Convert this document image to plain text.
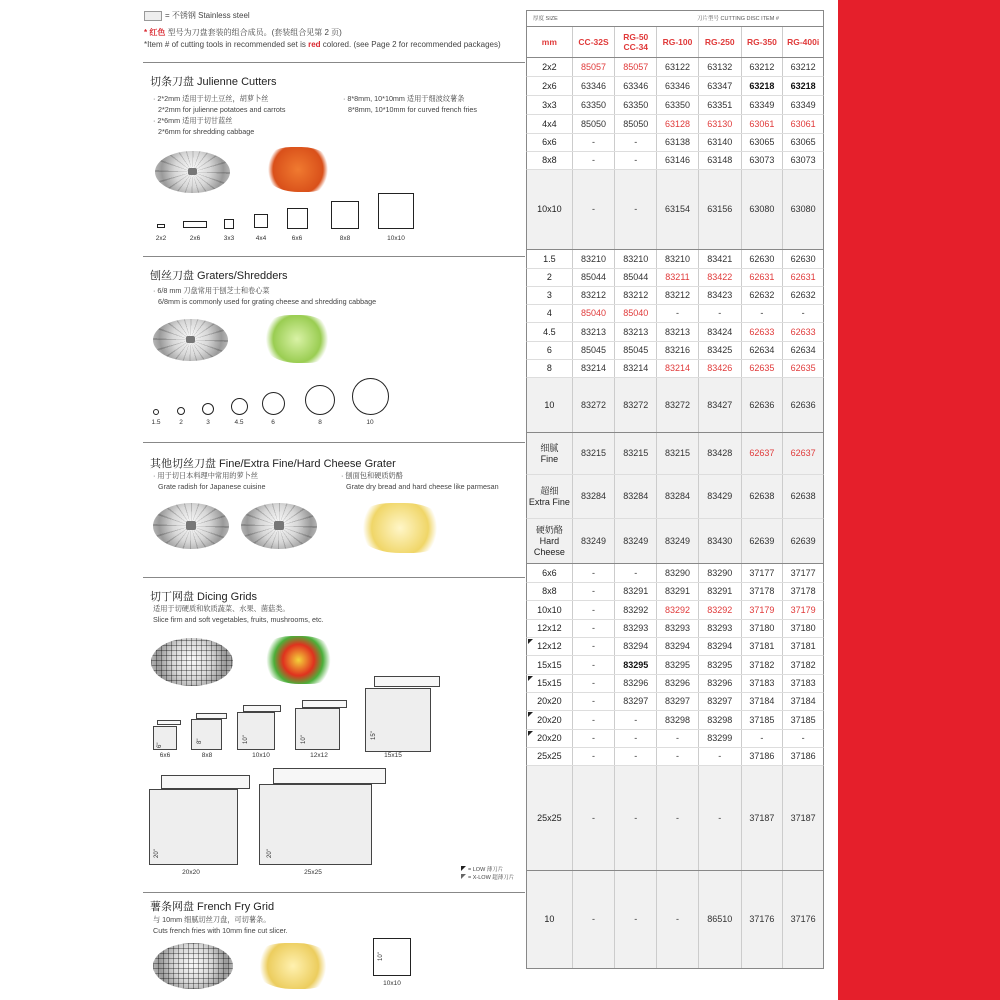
= 不锈钢 Stainless steel
* 红色 型号为刀盘套装的组合成员。(套装组合见第 2 页)
*Item # of cutting tools in recommended set is red colored. (see Page 2 for recommended packages)
切条刀盘 Julienne Cutters
· 2*2mm 适用于切土豆丝，胡萝卜丝
2*2mm for julienne potatoes and carrots
· 2*6mm 适用于切甘蓝丝
2*6mm for shredding cabbage
· 8*8mm, 10*10mm 适用于细波纹薯条
8*8mm, 10*10mm for curved french fries
2x2	2x6	3x3	4x4	6x6	8x8	10x10
刨丝刀盘 Graters/Shredders
· 6/8 mm 刀盘常用于刨芝士和卷心菜
6/8mm is commonly used for grating cheese and shredding cabbage
1.5	2	3	4.5	6	8	10
其他切丝刀盘 Fine/Extra Fine/Hard Cheese Grater
· 用于切日本料理中常用的萝卜丝
Grate radish for Japanese cuisine
· 刨面包和硬质奶酪
Grate dry bread and hard cheese like parmesan
切丁网盘 Dicing Grids
适用于切硬质和软质蔬菜、水果、菌菇类。
Slice firm and soft vegetables, fruits, mushrooms, etc.
6"
8"	10"	10"	15"
20"	20"
6x6	8x8	10x10	12x12	15x15
20x20	25x25	= LOW 薄刀片
= X-LOW 超薄刀片
薯条网盘 French Fry Grid
与 10mm 细腻切丝刀盘，可切薯条。
Cuts french fries with 10mm fine cut slicer.
10"
10x10
厚度 SIZE	刀片型号 CUTTING DISC ITEM #
mm	CC-32S	RG-50
CC-34	RG-100	RG-250	RG-350	RG-400i
2x2	85057	85057	63122	63132	63212	63212
2x6	63346	63346	63346	63347	63218	63218
3x3	63350	63350	63350	63351	63349	63349
4x4	85050	85050	63128	63130	63061	63061
6x6	-	-	63138	63140	63065	63065
8x8	-	-	63146	63148	63073	63073
10x10	-	-	63154	63156	63080	63080
1.5	83210	83210	83210	83421	62630	62630
2	85044	85044	83211	83422	62631	62631
3	83212	83212	83212	83423	62632	62632
4	85040	85040	-	-	-	-
4.5	83213	83213	83213	83424	62633	62633
6	85045	85045	83216	83425	62634	62634
8	83214	83214	83214	83426	62635	62635
10	83272	83272	83272	83427	62636	62636
细腻
Fine
83215	83215	83215	83428	62637	62637
超细
Extra Fine
83284	83284	83284	83429	62638	62638
硬奶酪
Hard
Cheese
83249	83249	83249	83430	62639	62639
6x6	-	-	83290	83290	37177	37177
8x8	-	83291	83291	83291	37178	37178
10x10	-	83292	83292	83292	37179	37179
12x12	-	83293	83293	83293	37180	37180
12x12	-	83294	83294	83294	37181	37181
15x15	-	83295	83295	83295	37182	37182
15x15	-	83296	83296	83296	37183	37183
20x20	-	83297	83297	83297	37184	37184
20x20	-	-	83298	83298	37185	37185
20x20	-	-	-	83299	-	-
25x25	-	-	-	-	37186	37186
25x25	-	-	-	-	37187	37187
10	-	-	-	86510	37176	37176
